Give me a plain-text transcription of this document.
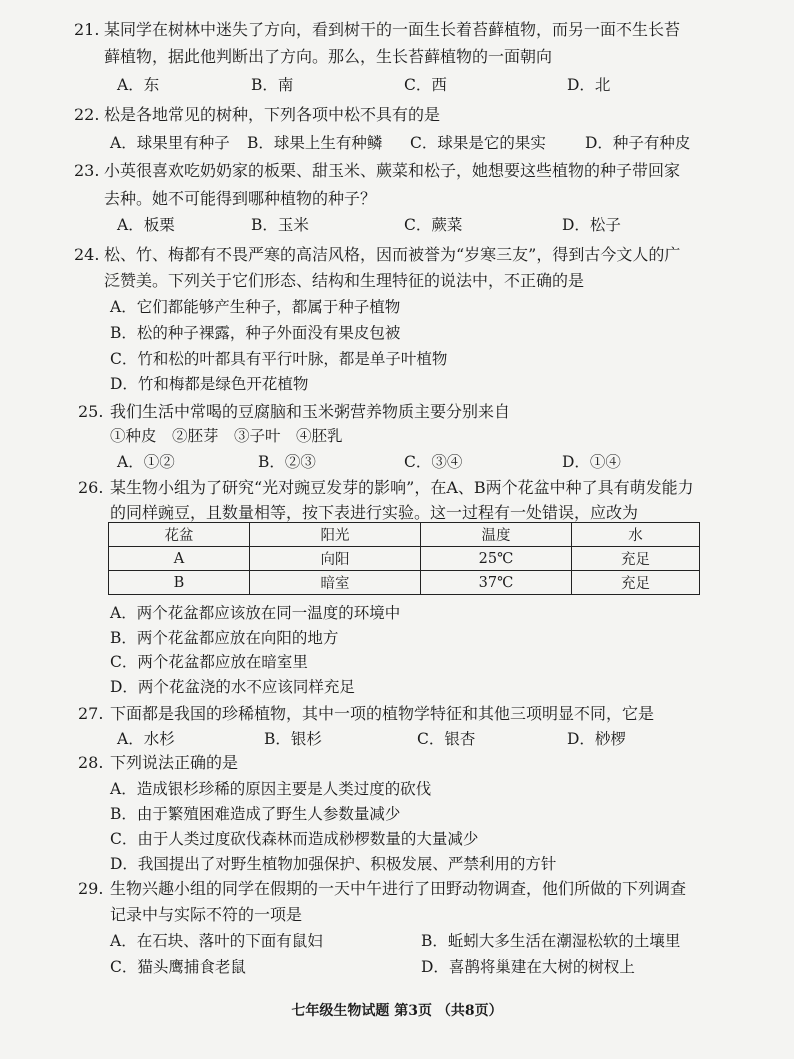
21. 某同学在树林中迷失了方向，看到树干的一面生长着苔藓植物，而另一面不生长苔
藓植物，据此他判断出了方向。那么，生长苔藓植物的一面朝向
A．东	B．南	C．西	D．北
22. 松是各地常见的树种，下列各项中松不具有的是
A．球果里有种子 B．球果上生有种鳞 C．球果是它的果实	D．种子有种皮
23. 小英很喜欢吃奶奶家的板栗、甜玉米、蕨菜和松子，她想要这些植物的种子带回家
去种。她不可能得到哪种植物的种子？
A．板栗	B．玉米	C．蕨菜	D．松子
24. 松、竹、梅都有不畏严寒的高洁风格，因而被誉为“岁寒三友”，得到古今文人的广
泛赞美。下列关于它们形态、结构和生理特征的说法中，不正确的是
A．它们都能够产生种子，都属于种子植物
B．松的种子裸露，种子外面没有果皮包被
C．竹和松的叶都具有平行叶脉，都是单子叶植物
D．竹和梅都是绿色开花植物
25. 我们生活中常喝的豆腐脑和玉米粥营养物质主要分别来自
①种皮　②胚芽　③子叶　④胚乳
A．①②	B．②③	C．③④	D．①④
26. 某生物小组为了研究“光对豌豆发芽的影响”，在A、B两个花盆中种了具有萌发能力
的同样豌豆，且数量相等，按下表进行实验。这一过程有一处错误，应改为
花盆	阳光	温度	水
A	向阳	25℃	充足
B	暗室	37℃	充足
A．两个花盆都应该放在同一温度的环境中
B．两个花盆都应放在向阳的地方
C．两个花盆都应放在暗室里
D．两个花盆浇的水不应该同样充足
27. 下面都是我国的珍稀植物，其中一项的植物学特征和其他三项明显不同，它是
A．水杉	B．银杉	C．银杏	D．桫椤
28. 下列说法正确的是
A．造成银杉珍稀的原因主要是人类过度的砍伐
B．由于繁殖困难造成了野生人参数量减少
C．由于人类过度砍伐森林而造成桫椤数量的大量减少
D．我国提出了对野生植物加强保护、积极发展、严禁利用的方针
29. 生物兴趣小组的同学在假期的一天中午进行了田野动物调查，他们所做的下列调查
记录中与实际不符的一项是
A．在石块、落叶的下面有鼠妇	B．蚯蚓大多生活在潮湿松软的土壤里
C．猫头鹰捕食老鼠	D．喜鹊将巢建在大树的树杈上
七年级生物试题 第3页 （共8页）
